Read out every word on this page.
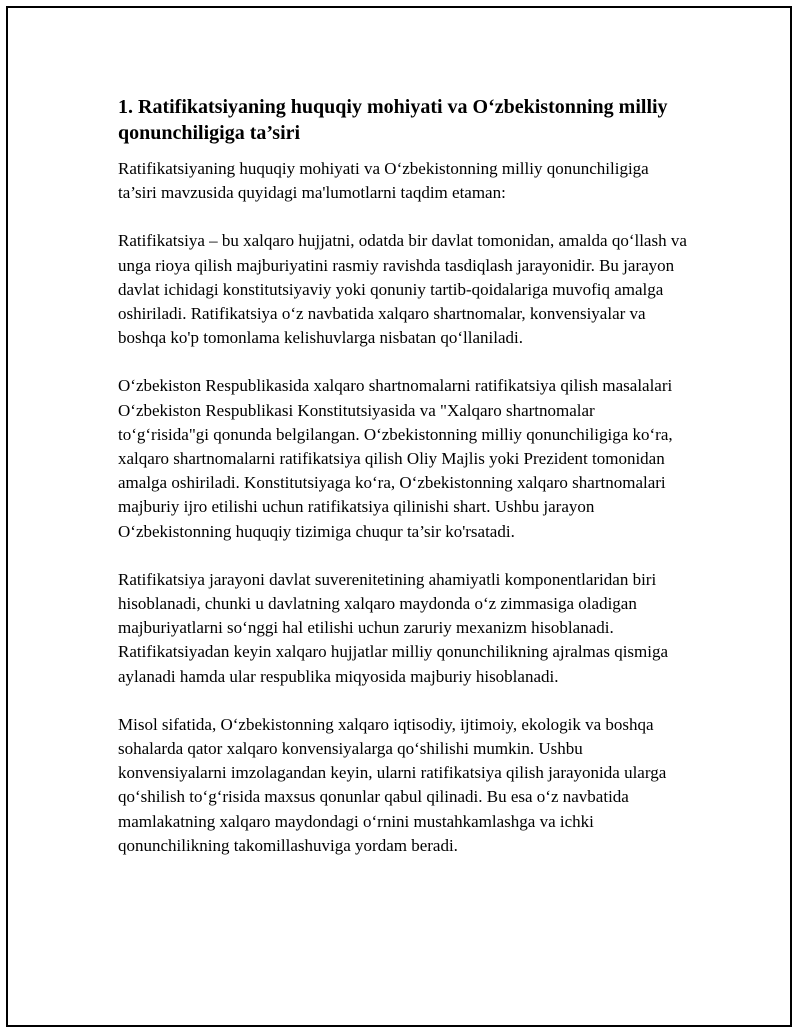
1. Ratifikatsiyaning huquqiy mohiyati va O‘zbekistonning milliy qonunchiligiga ta’siri

Ratifikatsiyaning huquqiy mohiyati va O‘zbekistonning milliy qonunchiligiga ta’siri mavzusida quyidagi ma'lumotlarni taqdim etaman:

Ratifikatsiya – bu xalqaro hujjatni, odatda bir davlat tomonidan, amalda qo‘llash va unga rioya qilish majburiyatini rasmiy ravishda tasdiqlash jarayonidir. Bu jarayon davlat ichidagi konstitutsiyaviy yoki qonuniy tartib-qoidalariga muvofiq amalga oshiriladi. Ratifikatsiya o‘z navbatida xalqaro shartnomalar, konvensiyalar va boshqa ko'p tomonlama kelishuvlarga nisbatan qo‘llaniladi.

O‘zbekiston Respublikasida xalqaro shartnomalarni ratifikatsiya qilish masalalari O‘zbekiston Respublikasi Konstitutsiyasida va "Xalqaro shartnomalar to‘g‘risida"gi qonunda belgilangan. O‘zbekistonning milliy qonunchiligiga ko‘ra, xalqaro shartnomalarni ratifikatsiya qilish Oliy Majlis yoki Prezident tomonidan amalga oshiriladi. Konstitutsiyaga ko‘ra, O‘zbekistonning xalqaro shartnomalari majburiy ijro etilishi uchun ratifikatsiya qilinishi shart. Ushbu jarayon O‘zbekistonning huquqiy tizimiga chuqur ta’sir ko'rsatadi.

Ratifikatsiya jarayoni davlat suverenitetining ahamiyatli komponentlaridan biri hisoblanadi, chunki u davlatning xalqaro maydonda o‘z zimmasiga oladigan majburiyatlarni so‘nggi hal etilishi uchun zaruriy mexanizm hisoblanadi. Ratifikatsiyadan keyin xalqaro hujjatlar milliy qonunchilikning ajralmas qismiga aylanadi hamda ular respublika miqyosida majburiy hisoblanadi.

Misol sifatida, O‘zbekistonning xalqaro iqtisodiy, ijtimoiy, ekologik va boshqa sohalarda qator xalqaro konvensiyalarga qo‘shilishi mumkin. Ushbu konvensiyalarni imzolagandan keyin, ularni ratifikatsiya qilish jarayonida ularga qo‘shilish to‘g‘risida maxsus qonunlar qabul qilinadi. Bu esa o‘z navbatida mamlakatning xalqaro maydondagi o‘rnini mustahkamlashga va ichki qonunchilikning takomillashuviga yordam beradi.
